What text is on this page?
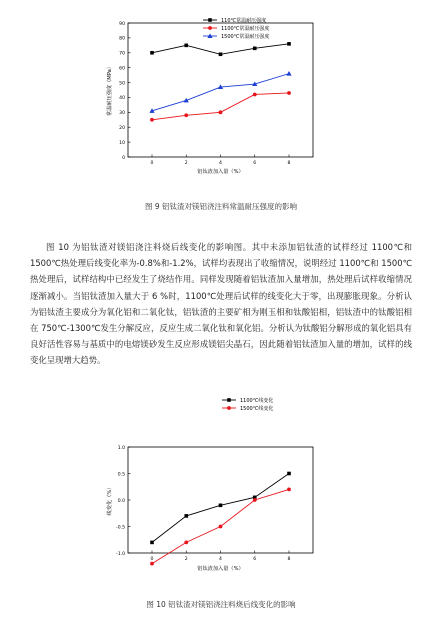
0
10
20
30
40
50
60
70
80
90
0	2	4	6	8
铝钛渣加入量（%）
常温耐压强度（MPa）
110℃常温耐压强度
1100℃常温耐压强度
1500℃常温耐压强度
图 9 铝钛渣对镁铝浇注料常温耐压强度的影响
图 10 为铝钛渣对镁铝浇注料烧后线变化的影响图。其中未添加铝钛渣的试样经过 1100℃和 1500℃热处理后线变化率为-0.8%和-1.2%，试样均表现出了收缩情况，说明经过 1100℃和 1500℃热处理后，试样结构中已经发生了烧结作用。同样发现随着铝钛渣加入量增加，热处理后试样收缩情况逐渐减小。当铝钛渣加入量大于 6 %时，1100℃处理后试样的线变化大于零，出现膨胀现象。分析认为铝钛渣主要成分为氧化铝和二氧化钛，铝钛渣的主要矿相为刚玉相和钛酸铝相，铝钛渣中的钛酸铝相在 750℃-1300℃发生分解反应，反应生成二氧化钛和氧化铝。分析认为钛酸铝分解形成的氧化铝具有良好活性容易与基质中的电熔镁砂发生反应形成镁铝尖晶石，因此随着铝钛渣加入量的增加，试样的线变化呈现增大趋势。
-1.0
-0.5
0.0
0.5
1.0
0	2	4	6	8
铝钛渣加入量（%）
线变化（%）
1100℃线变化
1500℃线变化
图 10 铝钛渣对镁铝浇注料烧后线变化的影响
